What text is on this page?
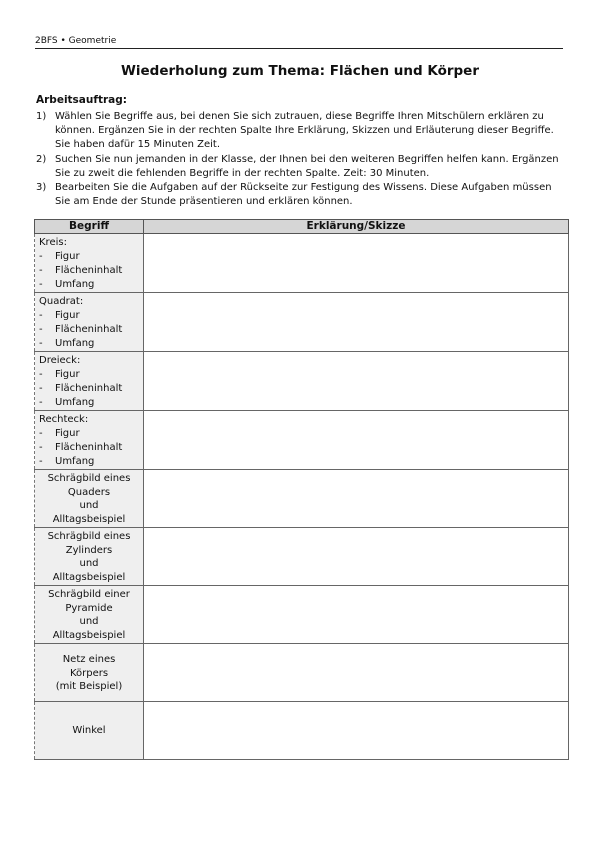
2BFS • Geometrie
Wiederholung zum Thema: Flächen und Körper
Arbeitsauftrag:
1) Wählen Sie Begriffe aus, bei denen Sie sich zutrauen, diese Begriffe Ihren Mitschülern erklären zu können. Ergänzen Sie in der rechten Spalte Ihre Erklärung, Skizzen und Erläuterung dieser Begriffe. Sie haben dafür 15 Minuten Zeit.
2) Suchen Sie nun jemanden in der Klasse, der Ihnen bei den weiteren Begriffen helfen kann. Ergänzen Sie zu zweit die fehlenden Begriffe in der rechten Spalte. Zeit: 30 Minuten.
3) Bearbeiten Sie die Aufgaben auf der Rückseite zur Festigung des Wissens. Diese Aufgaben müssen Sie am Ende der Stunde präsentieren und erklären können.
Begriff	Erklärung/Skizze

Kreis:
- Figur
- Flächeninhalt
- Umfang	

Quadrat:
- Figur
- Flächeninhalt
- Umfang	

Dreieck:
- Figur
- Flächeninhalt
- Umfang	

Rechteck:
- Figur
- Flächeninhalt
- Umfang	

Schrägbild eines
Quaders
und
Alltagsbeispiel	

Schrägbild eines
Zylinders
und
Alltagsbeispiel	

Schrägbild einer
Pyramide
und
Alltagsbeispiel	

Netz eines
Körpers
(mit Beispiel)	

Winkel	
